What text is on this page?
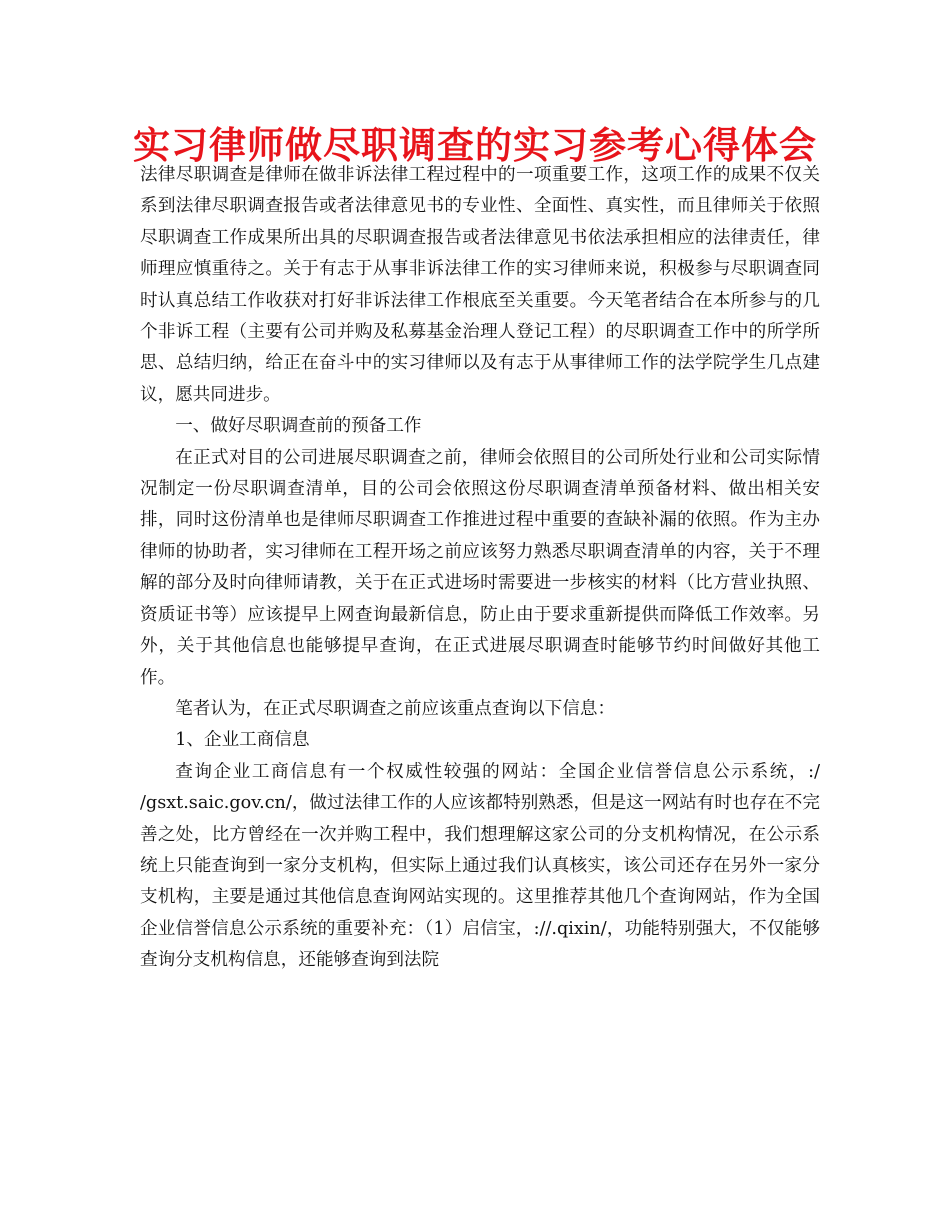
实习律师做尽职调查的实习参考心得体会

法律尽职调查是律师在做非诉法律工程过程中的一项重要工作，这项工作的成果不仅关系到法律尽职调查报告或者法律意见书的专业性、全面性、真实性，而且律师关于依照尽职调查工作成果所出具的尽职调查报告或者法律意见书依法承担相应的法律责任，律师理应慎重待之。关于有志于从事非诉法律工作的实习律师来说，积极参与尽职调查同时认真总结工作收获对打好非诉法律工作根底至关重要。今天笔者结合在本所参与的几个非诉工程（主要有公司并购及私募基金治理人登记工程）的尽职调查工作中的所学所思、总结归纳，给正在奋斗中的实习律师以及有志于从事律师工作的法学院学生几点建议，愿共同进步。

一、做好尽职调查前的预备工作

在正式对目的公司进展尽职调查之前，律师会依照目的公司所处行业和公司实际情况制定一份尽职调查清单，目的公司会依照这份尽职调查清单预备材料、做出相关安排，同时这份清单也是律师尽职调查工作推进过程中重要的查缺补漏的依照。作为主办律师的协助者，实习律师在工程开场之前应该努力熟悉尽职调查清单的内容，关于不理解的部分及时向律师请教，关于在正式进场时需要进一步核实的材料（比方营业执照、资质证书等）应该提早上网查询最新信息，防止由于要求重新提供而降低工作效率。另外，关于其他信息也能够提早查询，在正式进展尽职调查时能够节约时间做好其他工作。

笔者认为，在正式尽职调查之前应该重点查询以下信息：

1、企业工商信息

查询企业工商信息有一个权威性较强的网站：全国企业信誉信息公示系统，:/ /gsxt.saic.gov.cn/，做过法律工作的人应该都特别熟悉，但是这一网站有时也存在不完善之处，比方曾经在一次并购工程中，我们想理解这家公司的分支机构情况，在公示系统上只能查询到一家分支机构，但实际上通过我们认真核实，该公司还存在另外一家分支机构，主要是通过其他信息查询网站实现的。这里推荐其他几个查询网站，作为全国企业信誉信息公示系统的重要补充：（1）启信宝，://.qixin/，功能特别强大，不仅能够查询分支机构信息，还能够查询到法院
